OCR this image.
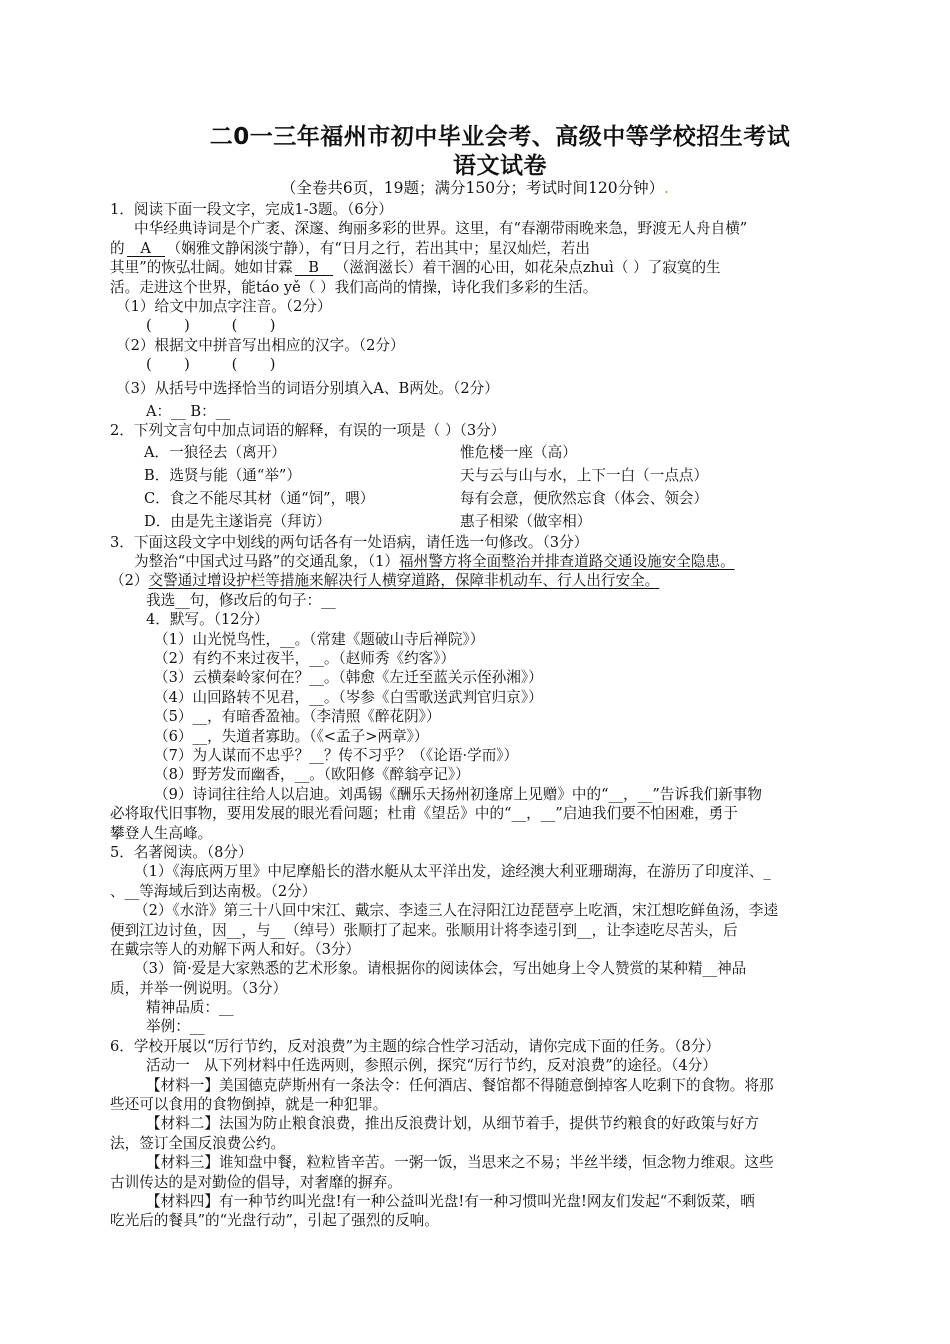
二0一三年福州市初中毕业会考、高级中等学校招生考试
语文试卷
（全卷共6页，19题；满分150分；考试时间120分钟）.
1．阅读下面一段文字，完成1-3题。（6分）
中华经典诗词是个广袤、深邃、绚丽多彩的世界。这里，有“春潮带雨晚来急，野渡无人舟自横”
的 A （娴雅文静闲淡宁静），有“日月之行，若出其中；星汉灿烂，若出
其里”的恢弘壮阔。她如甘霖 B （滋润滋长）着干涸的心田，如花朵点zhuì（ ）了寂寞的生
活。走进这个世界，能táo yě（ ）我们高尚的情操，诗化我们多彩的生活。
（1）给文中加点字注音。（2分）
(       )         (       )
（2）根据文中拼音写出相应的汉字。（2分）
(       )         (       )
（3）从括号中选择恰当的词语分别填入A、B两处。（2分）
A：__ B：__
2．下列文言句中加点词语的解释，有误的一项是（ ）（3分）
A．一狼径去（离开）	惟危楼一座（高）
B．选贤与能（通“举”）	天与云与山与水，上下一白（一点点）
C．食之不能尽其材（通“饲”，喂）	每有会意，便欣然忘食（体会、领会）
D．由是先主遂诣亮（拜访）	惠子相梁（做宰相）
3．下面这段文字中划线的两句话各有一处语病，请任选一句修改。（3分）
为整治“中国式过马路”的交通乱象，（1）福州警方将全面整治并排查道路交通设施安全隐患。
（2）交警通过增设护栏等措施来解决行人横穿道路，保障非机动车、行人出行安全。
我选__句，修改后的句子：__
4．默写。（12分）
（1）山光悦鸟性，__。（常建《题破山寺后禅院》）
（2）有约不来过夜半，__。（赵师秀《约客》）
（3）云横秦岭家何在？__。（韩愈《左迁至蓝关示侄孙湘》）
（4）山回路转不见君，__。（岑参《白雪歌送武判官归京》）
（5）__，有暗香盈袖。（李清照《醉花阴》）
（6）__，失道者寡助。（《<孟子>两章》）
（7）为人谋而不忠乎？__？传不习乎？（《论语·学而》）
（8）野芳发而幽香，__。（欧阳修《醉翁亭记》）
（9）诗词往往给人以启迪。刘禹锡《酬乐天扬州初逢席上见赠》中的“__，__”告诉我们新事物
必将取代旧事物，要用发展的眼光看问题；杜甫《望岳》中的“__，__”启迪我们要不怕困难，勇于
攀登人生高峰。
5．名著阅读。（8分）
（1）《海底两万里》中尼摩船长的潜水艇从太平洋出发，途经澳大利亚珊瑚海，在游历了印度洋、_
、__等海域后到达南极。（2分）
（2）《水浒》第三十八回中宋江、戴宗、李逵三人在浔阳江边琵琶亭上吃酒，宋江想吃鲜鱼汤，李逵
便到江边讨鱼，因__，与__（绰号）张顺打了起来。张顺用计将李逵引到__，让李逵吃尽苦头，后
在戴宗等人的劝解下两人和好。（3分）
（3）简·爱是大家熟悉的艺术形象。请根据你的阅读体会，写出她身上令人赞赏的某种精__神品
质，并举一例说明。（3分）
精神品质：__
举例：__
6．学校开展以“厉行节约，反对浪费”为主题的综合性学习活动，请你完成下面的任务。（8分）
活动一   从下列材料中任选两则，参照示例，探究“厉行节约，反对浪费”的途径。（4分）
【材料一】美国德克萨斯州有一条法令：任何酒店、餐馆都不得随意倒掉客人吃剩下的食物。将那
些还可以食用的食物倒掉，就是一种犯罪。
【材料二】法国为防止粮食浪费，推出反浪费计划，从细节着手，提供节约粮食的好政策与好方
法，签订全国反浪费公约。
【材料三】谁知盘中餐，粒粒皆辛苦。一粥一饭，当思来之不易；半丝半缕，恒念物力维艰。这些
古训传达的是对勤俭的倡导，对奢靡的摒弃。
【材料四】有一种节约叫光盘!有一种公益叫光盘!有一种习惯叫光盘!网友们发起“不剩饭菜，晒
吃光后的餐具”的“光盘行动”，引起了强烈的反响。
